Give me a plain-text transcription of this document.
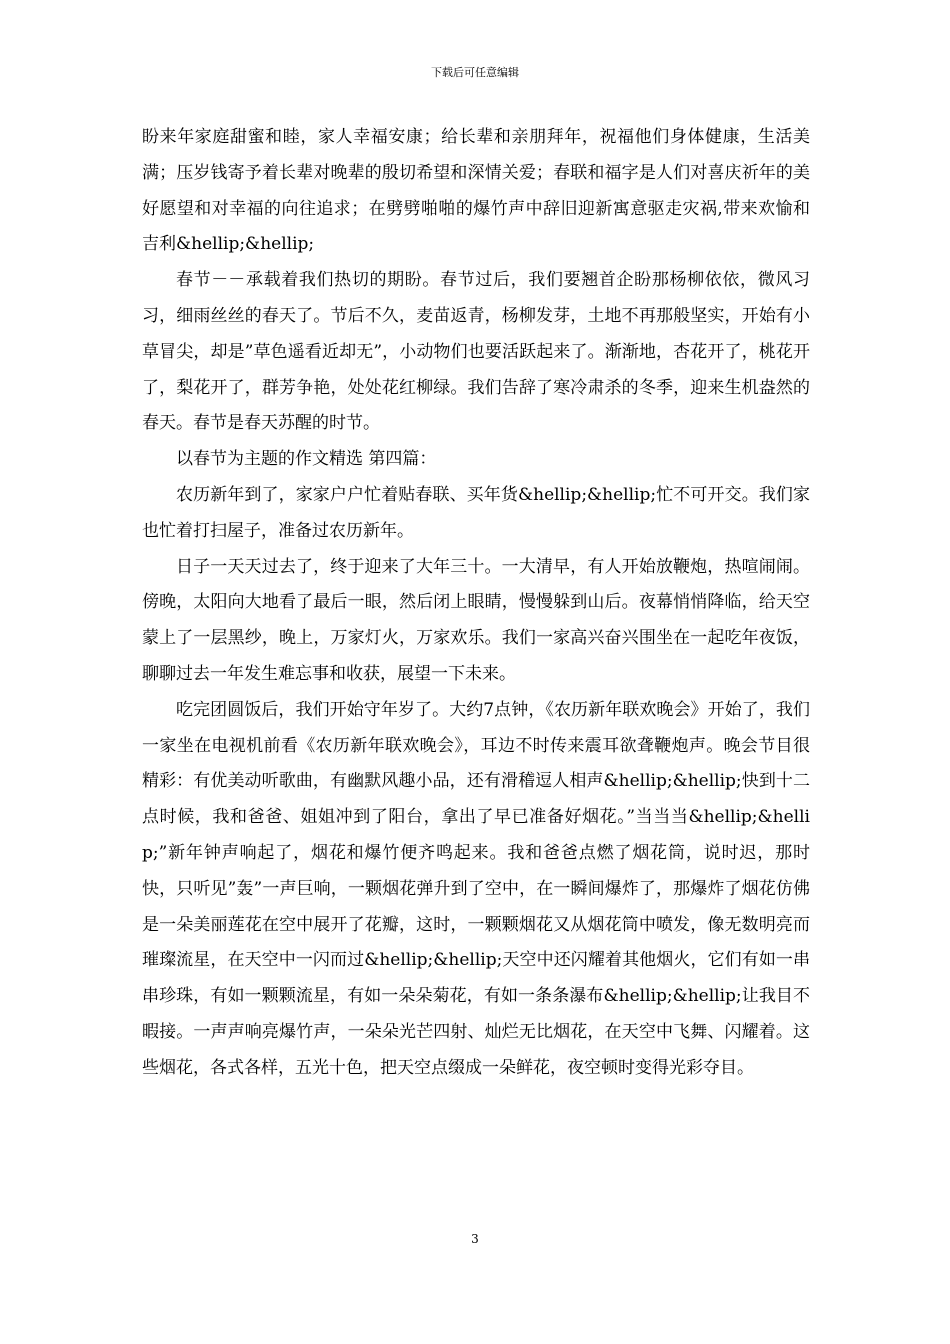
下载后可任意编辑

盼来年家庭甜蜜和睦，家人幸福安康；给长辈和亲朋拜年，祝福他们身体健康，生活美满；压岁钱寄予着长辈对晚辈的殷切希望和深情关爱；春联和福字是人们对喜庆祈年的美好愿望和对幸福的向往追求；在劈劈啪啪的爆竹声中辞旧迎新寓意驱走灾祸,带来欢愉和吉利&hellip;&hellip;

春节－－承载着我们热切的期盼。春节过后，我们要翘首企盼那杨柳依依，微风习习，细雨丝丝的春天了。节后不久，麦苗返青，杨柳发芽，土地不再那般坚实，开始有小草冒尖，却是”草色遥看近却无”，小动物们也要活跃起来了。渐渐地，杏花开了，桃花开了，梨花开了，群芳争艳，处处花红柳绿。我们告辞了寒冷肃杀的冬季，迎来生机盎然的春天。春节是春天苏醒的时节。

以春节为主题的作文精选 第四篇：

农历新年到了，家家户户忙着贴春联、买年货&hellip;&hellip;忙不可开交。我们家也忙着打扫屋子，准备过农历新年。

日子一天天过去了，终于迎来了大年三十。一大清早，有人开始放鞭炮，热喧闹闹。傍晚，太阳向大地看了最后一眼，然后闭上眼睛，慢慢躲到山后。夜幕悄悄降临，给天空蒙上了一层黑纱，晚上，万家灯火，万家欢乐。我们一家高兴奋兴围坐在一起吃年夜饭，聊聊过去一年发生难忘事和收获，展望一下未来。

吃完团圆饭后，我们开始守年岁了。大约7点钟，《农历新年联欢晚会》开始了，我们一家坐在电视机前看《农历新年联欢晚会》，耳边不时传来震耳欲聋鞭炮声。晚会节目很精彩：有优美动听歌曲，有幽默风趣小品，还有滑稽逗人相声&hellip;&hellip;快到十二点时候，我和爸爸、姐姐冲到了阳台，拿出了早已准备好烟花。”当当当&hellip;&hellip;”新年钟声响起了，烟花和爆竹便齐鸣起来。我和爸爸点燃了烟花筒，说时迟，那时快，只听见”轰”一声巨响，一颗烟花弹升到了空中，在一瞬间爆炸了，那爆炸了烟花仿佛是一朵美丽莲花在空中展开了花瓣，这时，一颗颗烟花又从烟花筒中喷发，像无数明亮而璀璨流星，在天空中一闪而过&hellip;&hellip;天空中还闪耀着其他烟火，它们有如一串串珍珠，有如一颗颗流星，有如一朵朵菊花，有如一条条瀑布&hellip;&hellip;让我目不暇接。一声声响亮爆竹声，一朵朵光芒四射、灿烂无比烟花，在天空中飞舞、闪耀着。这些烟花，各式各样，五光十色，把天空点缀成一朵鲜花，夜空顿时变得光彩夺目。

3
